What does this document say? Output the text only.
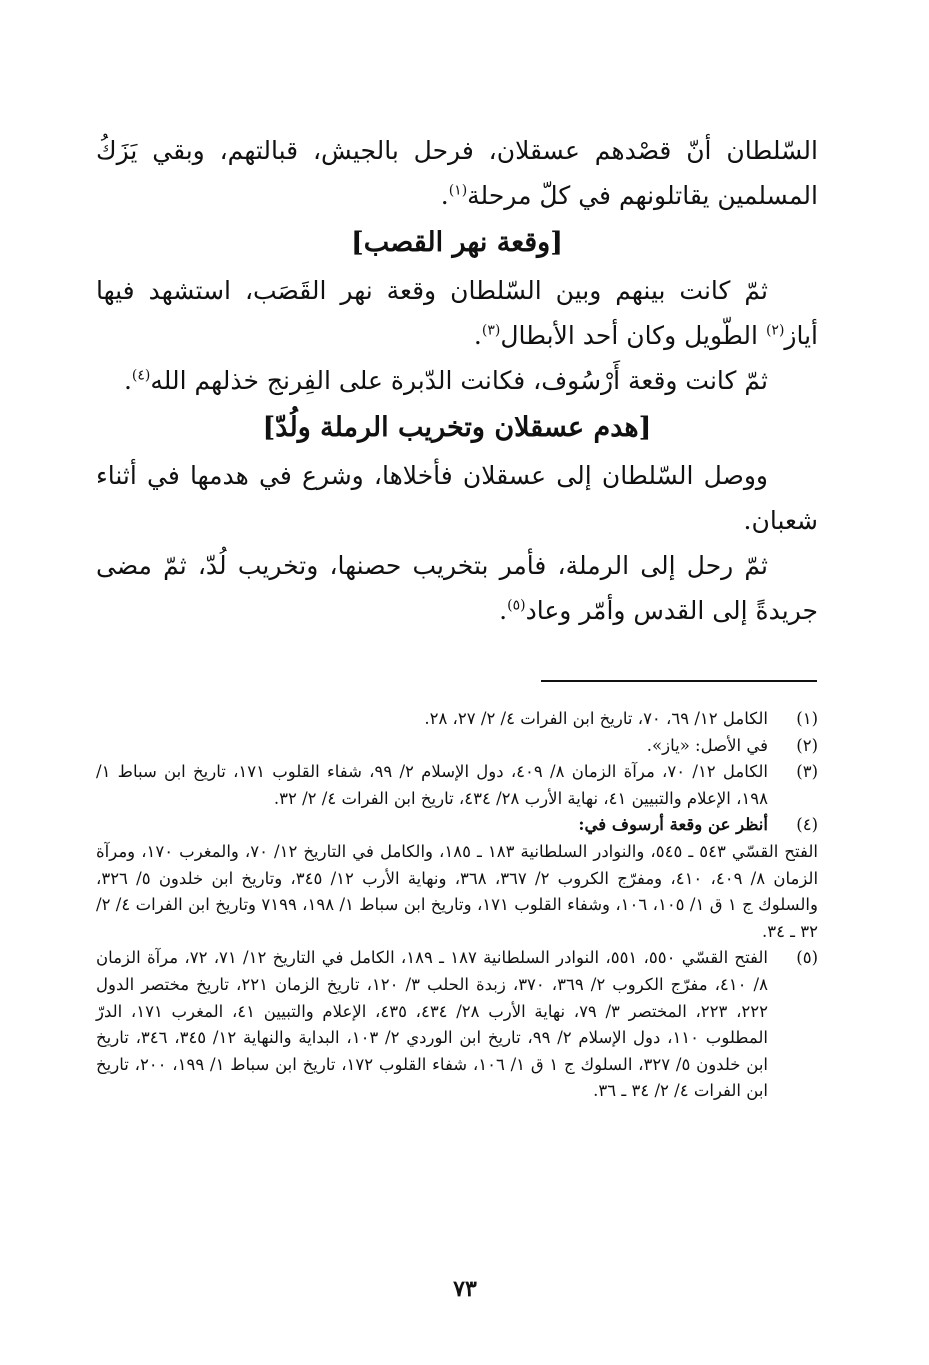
السّلطان أنّ قصْدهم عسقلان، فرحل بالجيش، قبالتهم، وبقي يَزَكُ المسلمين يقاتلونهم في كلّ مرحلة$^{(١)}$.

[وقعة نهر القصب]

ثمّ كانت بينهم وبين السّلطان وقعة نهر القَصَب، استشهد فيها أياز$^{(٢)}$ الطّويل وكان أحد الأبطال$^{(٣)}$.

ثمّ كانت وقعة أَرْسُوف، فكانت الدّبرة على الفِرنج خذلهم الله$^{(٤)}$.

[هدم عسقلان وتخريب الرملة ولُدّ]

ووصل السّلطان إلى عسقلان فأخلاها، وشرع في هدمها في أثناء شعبان.

ثمّ رحل إلى الرملة، فأمر بتخريب حصنها، وتخريب لُدّ، ثمّ مضى جريدةً إلى القدس وأمّر وعاد$^{(٥)}$.

(١)
الكامل ١٢/ ٦٩، ٧٠، تاريخ ابن الفرات ٤/ ٢/ ٢٧، ٢٨.
(٢)
في الأصل: «ياز».
(٣)
الكامل ١٢/ ٧٠، مرآة الزمان ٨/ ٤٠٩، دول الإسلام ٢/ ٩٩، شفاء القلوب ١٧١، تاريخ ابن سباط ١/ ١٩٨، الإعلام والتبيين ٤١، نهاية الأرب ٢٨/ ٤٣٤، تاريخ ابن الفرات ٤/ ٢/ ٣٢.
(٤)
أنظر عن وقعة أرسوف في:
الفتح القسّي ٥٤٣ ـ ٥٤٥، والنوادر السلطانية ١٨٣ ـ ١٨٥، والكامل في التاريخ ١٢/ ٧٠، والمغرب ١٧٠، ومرآة الزمان ٨/ ٤٠٩، ٤١٠، ومفرّج الكروب ٢/ ٣٦٧، ٣٦٨، ونهاية الأرب ١٢/ ٣٤٥، وتاريخ ابن خلدون ٥/ ٣٢٦، والسلوك ج ١ ق ١/ ١٠٥، ١٠٦، وشفاء القلوب ١٧١، وتاريخ ابن سباط ١/ ١٩٨، ٧١٩٩ وتاريخ ابن الفرات ٤/ ٢/ ٣٢ ـ ٣٤.
(٥)
الفتح القسّي ٥٥٠، ٥٥١، النوادر السلطانية ١٨٧ ـ ١٨٩، الكامل في التاريخ ١٢/ ٧١، ٧٢، مرآة الزمان ٨/ ٤١٠، مفرّج الكروب ٢/ ٣٦٩، ٣٧٠، زبدة الحلب ٣/ ١٢٠، تاريخ الزمان ٢٢١، تاريخ مختصر الدول ٢٢٢، ٢٢٣، المختصر ٣/ ٧٩، نهاية الأرب ٢٨/ ٤٣٤، ٤٣٥، الإعلام والتبيين ٤١، المغرب ١٧١، الدرّ المطلوب ١١٠، دول الإسلام ٢/ ٩٩، تاريخ ابن الوردي ٢/ ١٠٣، البداية والنهاية ١٢/ ٣٤٥، ٣٤٦، تاريخ ابن خلدون ٥/ ٣٢٧، السلوك ج ١ ق ١/ ١٠٦، شفاء القلوب ١٧٢، تاريخ ابن سباط ١/ ١٩٩، ٢٠٠، تاريخ ابن الفرات ٤/ ٢/ ٣٤ ـ ٣٦.
٧٣
